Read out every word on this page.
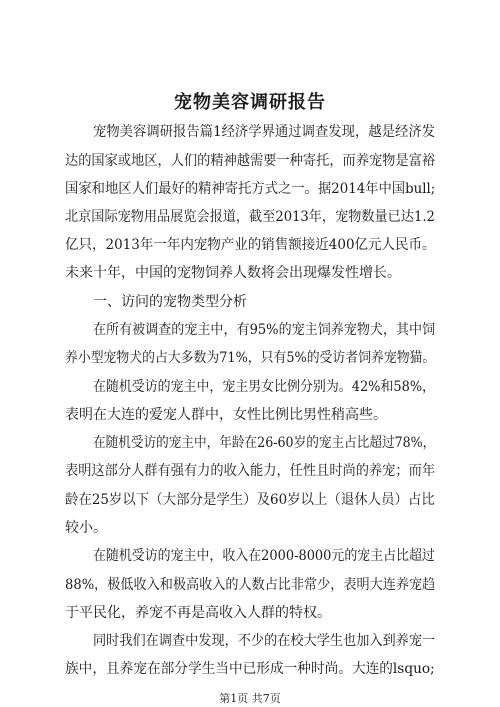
宠物美容调研报告
宠物美容调研报告篇1经济学界通过调查发现，越是经济发
达的国家或地区，人们的精神越需要一种寄托，而养宠物是富裕
国家和地区人们最好的精神寄托方式之一。据2014年中国bull;
北京国际宠物用品展览会报道，截至2013年，宠物数量已达1.2
亿只，2013年一年内宠物产业的销售额接近400亿元人民币。
未来十年，中国的宠物饲养人数将会出现爆发性增长。
一、访问的宠物类型分析
在所有被调查的宠主中，有95%的宠主饲养宠物犬，其中饲
养小型宠物犬的占大多数为71%，只有5%的受访者饲养宠物猫。
在随机受访的宠主中，宠主男女比例分别为。42%和58%，
表明在大连的爱宠人群中，女性比例比男性稍高些。
在随机受访的宠主中，年龄在26-60岁的宠主占比超过78%，
表明这部分人群有强有力的收入能力，任性且时尚的养宠；而年
龄在25岁以下（大部分是学生）及60岁以上（退休人员）占比
较小。
在随机受访的宠主中，收入在2000-8000元的宠主占比超过
88%，极低收入和极高收入的人数占比非常少，表明大连养宠趋
于平民化，养宠不再是高收入人群的特权。
同时我们在调查中发现，不少的在校大学生也加入到养宠一
族中，且养宠在部分学生当中已形成一种时尚。大连的lsquo;
第1页 共7页
